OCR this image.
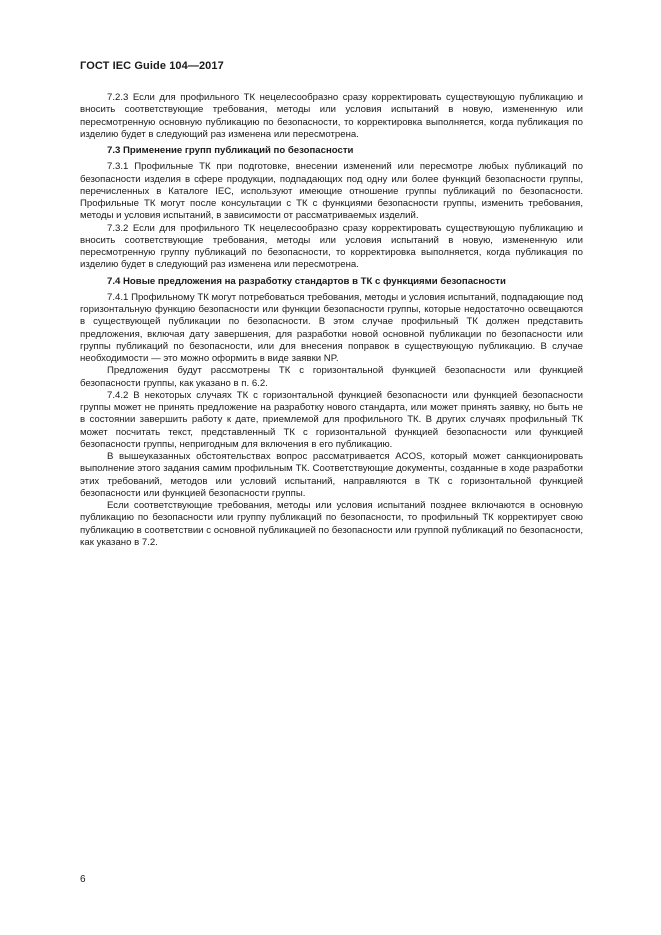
ГОСТ IEC Guide 104—2017

7.2.3 Если для профильного ТК нецелесообразно сразу корректировать существующую публикацию и вносить соответствующие требования, методы или условия испытаний в новую, измененную или пересмотренную основную публикацию по безопасности, то корректировка выполняется, когда публикация по изделию будет в следующий раз изменена или пересмотрена.

7.3 Применение групп публикаций по безопасности

7.3.1 Профильные ТК при подготовке, внесении изменений или пересмотре любых публикаций по безопасности изделия в сфере продукции, подпадающих под одну или более функций безопасности группы, перечисленных в Каталоге IEC, используют имеющие отношение группы публикаций по безопасности. Профильные ТК могут после консультации с ТК с функциями безопасности группы, изменить требования, методы и условия испытаний, в зависимости от рассматриваемых изделий.

7.3.2 Если для профильного ТК нецелесообразно сразу корректировать существующую публикацию и вносить соответствующие требования, методы или условия испытаний в новую, измененную или пересмотренную группу публикаций по безопасности, то корректировка выполняется, когда публикация по изделию будет в следующий раз изменена или пересмотрена.

7.4 Новые предложения на разработку стандартов в ТК с функциями безопасности

7.4.1 Профильному ТК могут потребоваться требования, методы и условия испытаний, подпадающие под горизонтальную функцию безопасности или функции безопасности группы, которые недостаточно освещаются в существующей публикации по безопасности. В этом случае профильный ТК должен представить предложения, включая дату завершения, для разработки новой основной публикации по безопасности или группы публикаций по безопасности, или для внесения поправок в существующую публикацию. В случае необходимости — это можно оформить в виде заявки NP.

Предложения будут рассмотрены ТК с горизонтальной функцией безопасности или функцией безопасности группы, как указано в п. 6.2.

7.4.2 В некоторых случаях ТК с горизонтальной функцией безопасности или функцией безопасности группы может не принять предложение на разработку нового стандарта, или может принять заявку, но быть не в состоянии завершить работу к дате, приемлемой для профильного ТК. В других случаях профильный ТК может посчитать текст, представленный ТК с горизонтальной функцией безопасности или функцией безопасности группы, непригодным для включения в его публикацию.

В вышеуказанных обстоятельствах вопрос рассматривается ACOS, который может санкционировать выполнение этого задания самим профильным ТК. Соответствующие документы, созданные в ходе разработки этих требований, методов или условий испытаний, направляются в ТК с горизонтальной функцией безопасности или функцией безопасности группы.

Если соответствующие требования, методы или условия испытаний позднее включаются в основную публикацию по безопасности или группу публикаций по безопасности, то профильный ТК корректирует свою публикацию в соответствии с основной публикацией по безопасности или группой публикаций по безопасности, как указано в 7.2.

6
